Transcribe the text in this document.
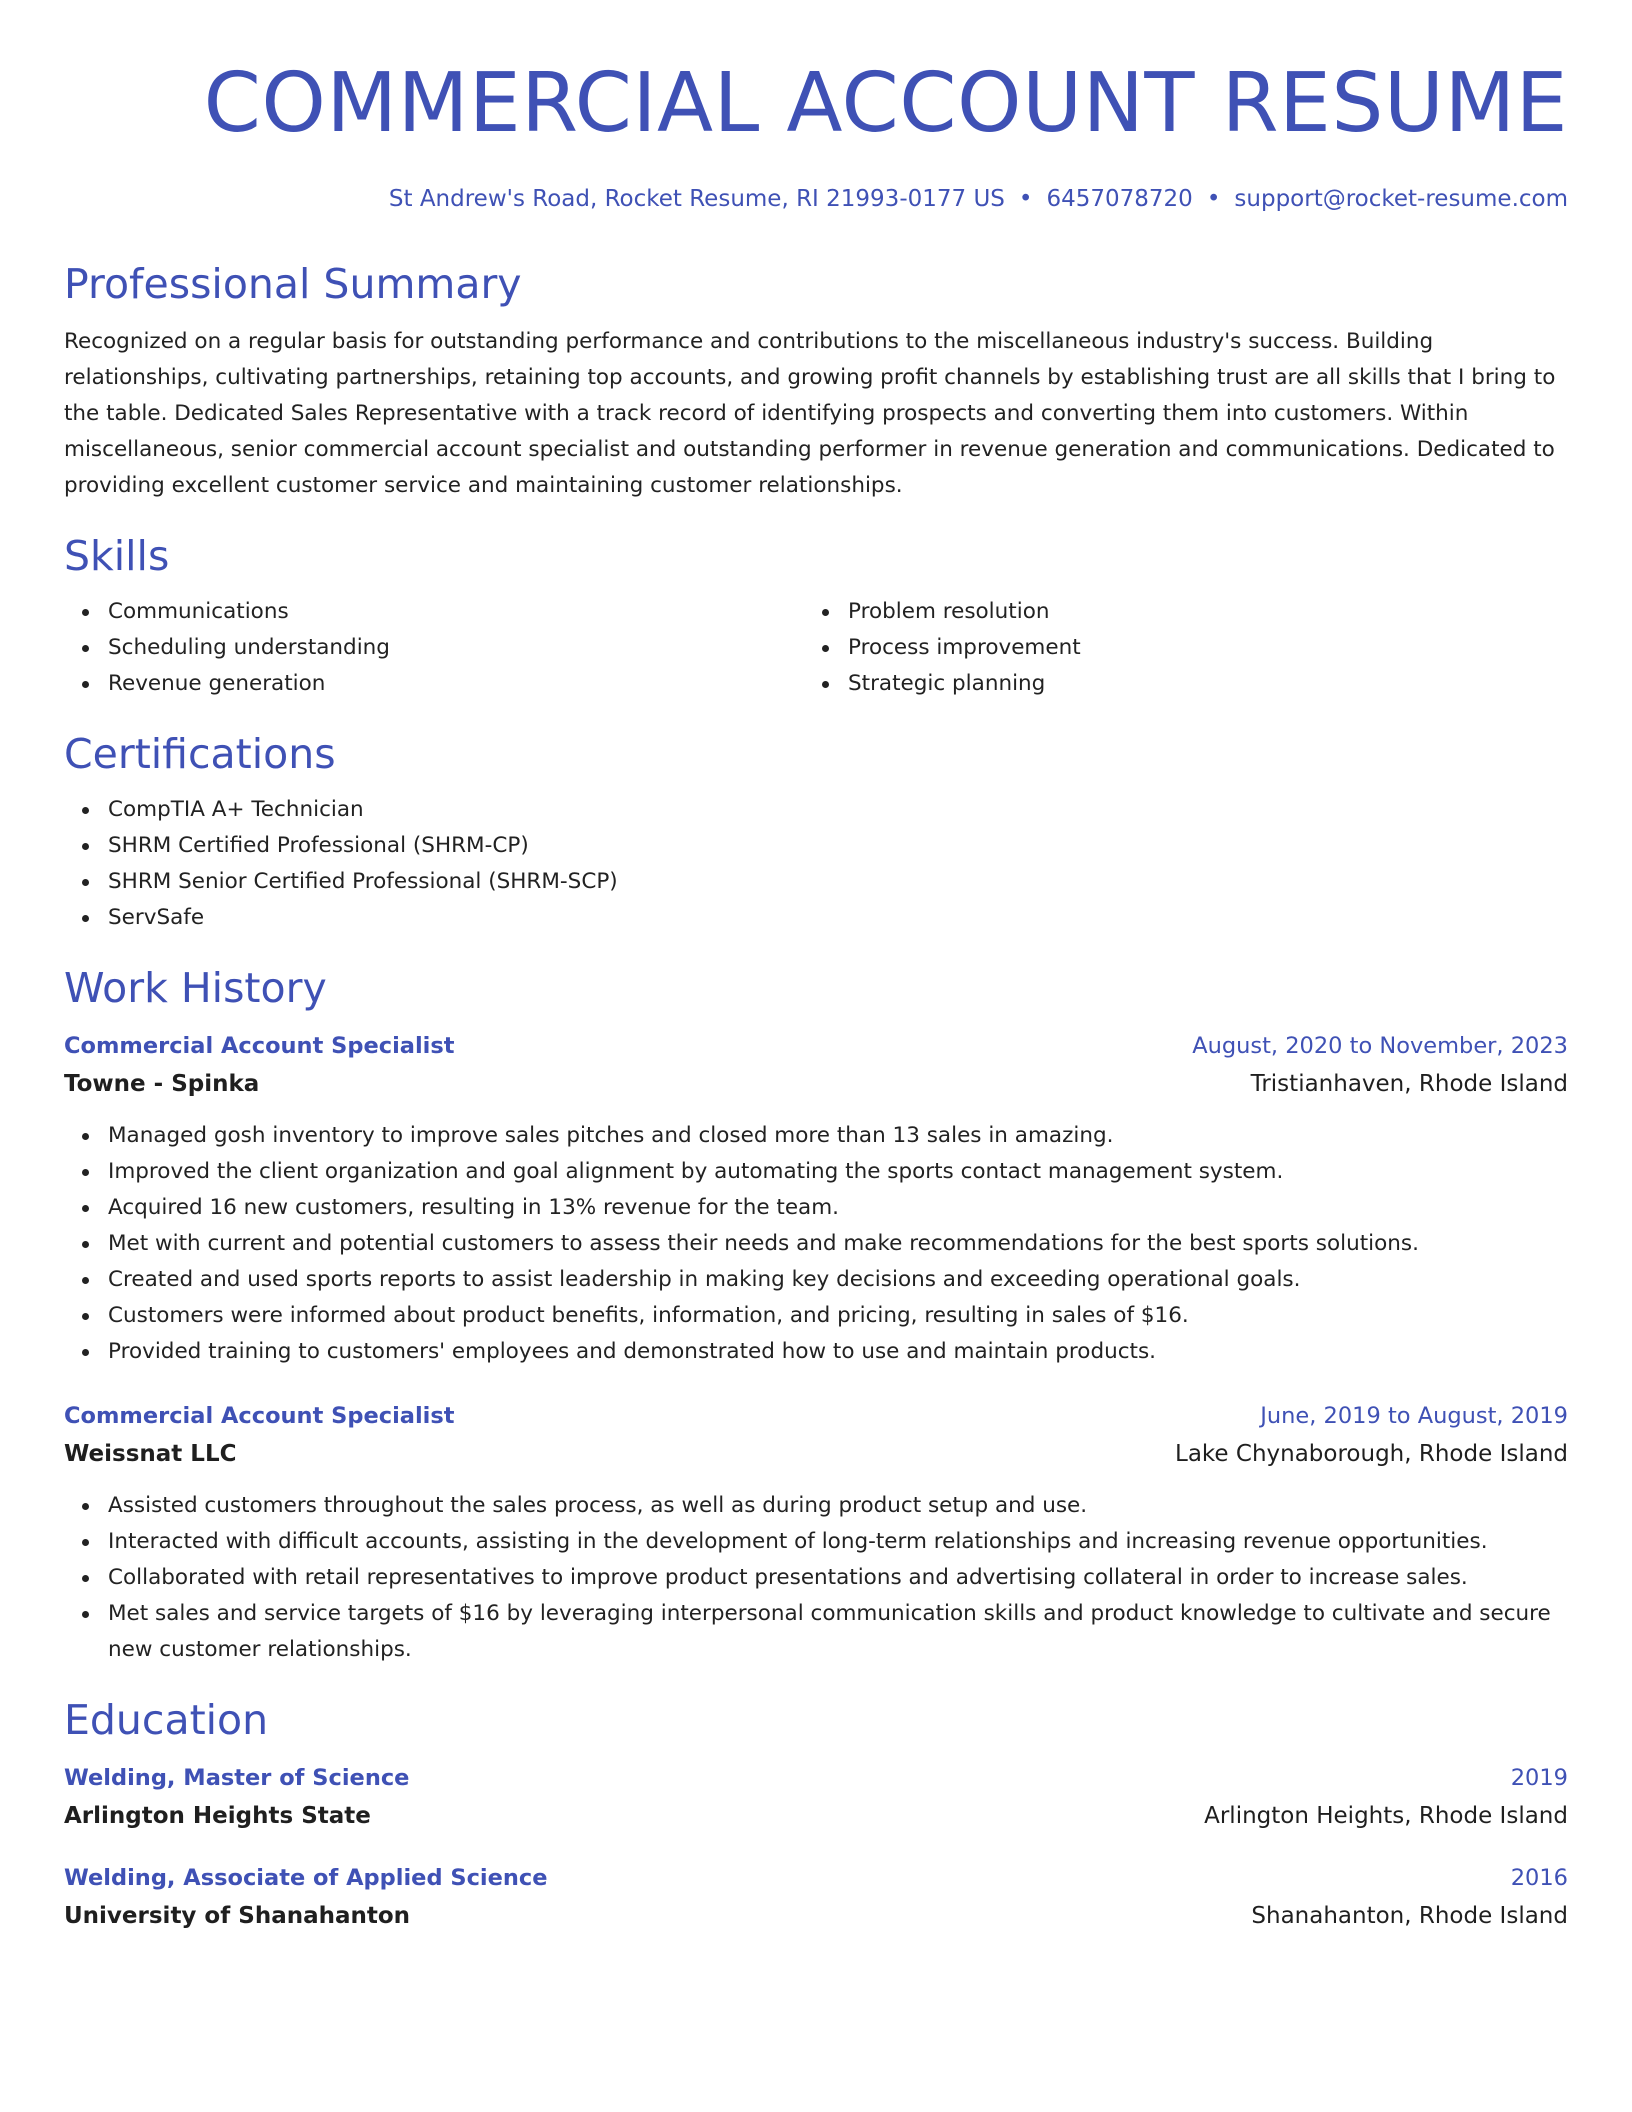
COMMERCIAL ACCOUNT RESUME
St Andrew's Road, Rocket Resume, RI 21993-0177 US • 6457078720 • support@rocket-resume.com
Professional Summary

Recognized on a regular basis for outstanding performance and contributions to the miscellaneous industry's success. Building relationships, cultivating partnerships, retaining top accounts, and growing profit channels by establishing trust are all skills that I bring to the table. Dedicated Sales Representative with a track record of identifying prospects and converting them into customers. Within miscellaneous, senior commercial account specialist and outstanding performer in revenue generation and communications. Dedicated to providing excellent customer service and maintaining customer relationships.

Skills
Communications
Scheduling understanding
Revenue generation
Problem resolution
Process improvement
Strategic planning
Certifications
CompTIA A+ Technician
SHRM Certified Professional (SHRM-CP)
SHRM Senior Certified Professional (SHRM-SCP)
ServSafe
Work History
Commercial Account Specialist	August, 2020 to November, 2023
Towne - Spinka	Tristianhaven, Rhode Island
Managed gosh inventory to improve sales pitches and closed more than 13 sales in amazing.
Improved the client organization and goal alignment by automating the sports contact management system.
Acquired 16 new customers, resulting in 13% revenue for the team.
Met with current and potential customers to assess their needs and make recommendations for the best sports solutions.
Created and used sports reports to assist leadership in making key decisions and exceeding operational goals.
Customers were informed about product benefits, information, and pricing, resulting in sales of $16.
Provided training to customers' employees and demonstrated how to use and maintain products.
Commercial Account Specialist	June, 2019 to August, 2019
Weissnat LLC	Lake Chynaborough, Rhode Island
Assisted customers throughout the sales process, as well as during product setup and use.
Interacted with difficult accounts, assisting in the development of long-term relationships and increasing revenue opportunities.
Collaborated with retail representatives to improve product presentations and advertising collateral in order to increase sales.
Met sales and service targets of $16 by leveraging interpersonal communication skills and product knowledge to cultivate and secure new customer relationships.
Education
Welding, Master of Science	2019
Arlington Heights State	Arlington Heights, Rhode Island
Welding, Associate of Applied Science	2016
University of Shanahanton	Shanahanton, Rhode Island
